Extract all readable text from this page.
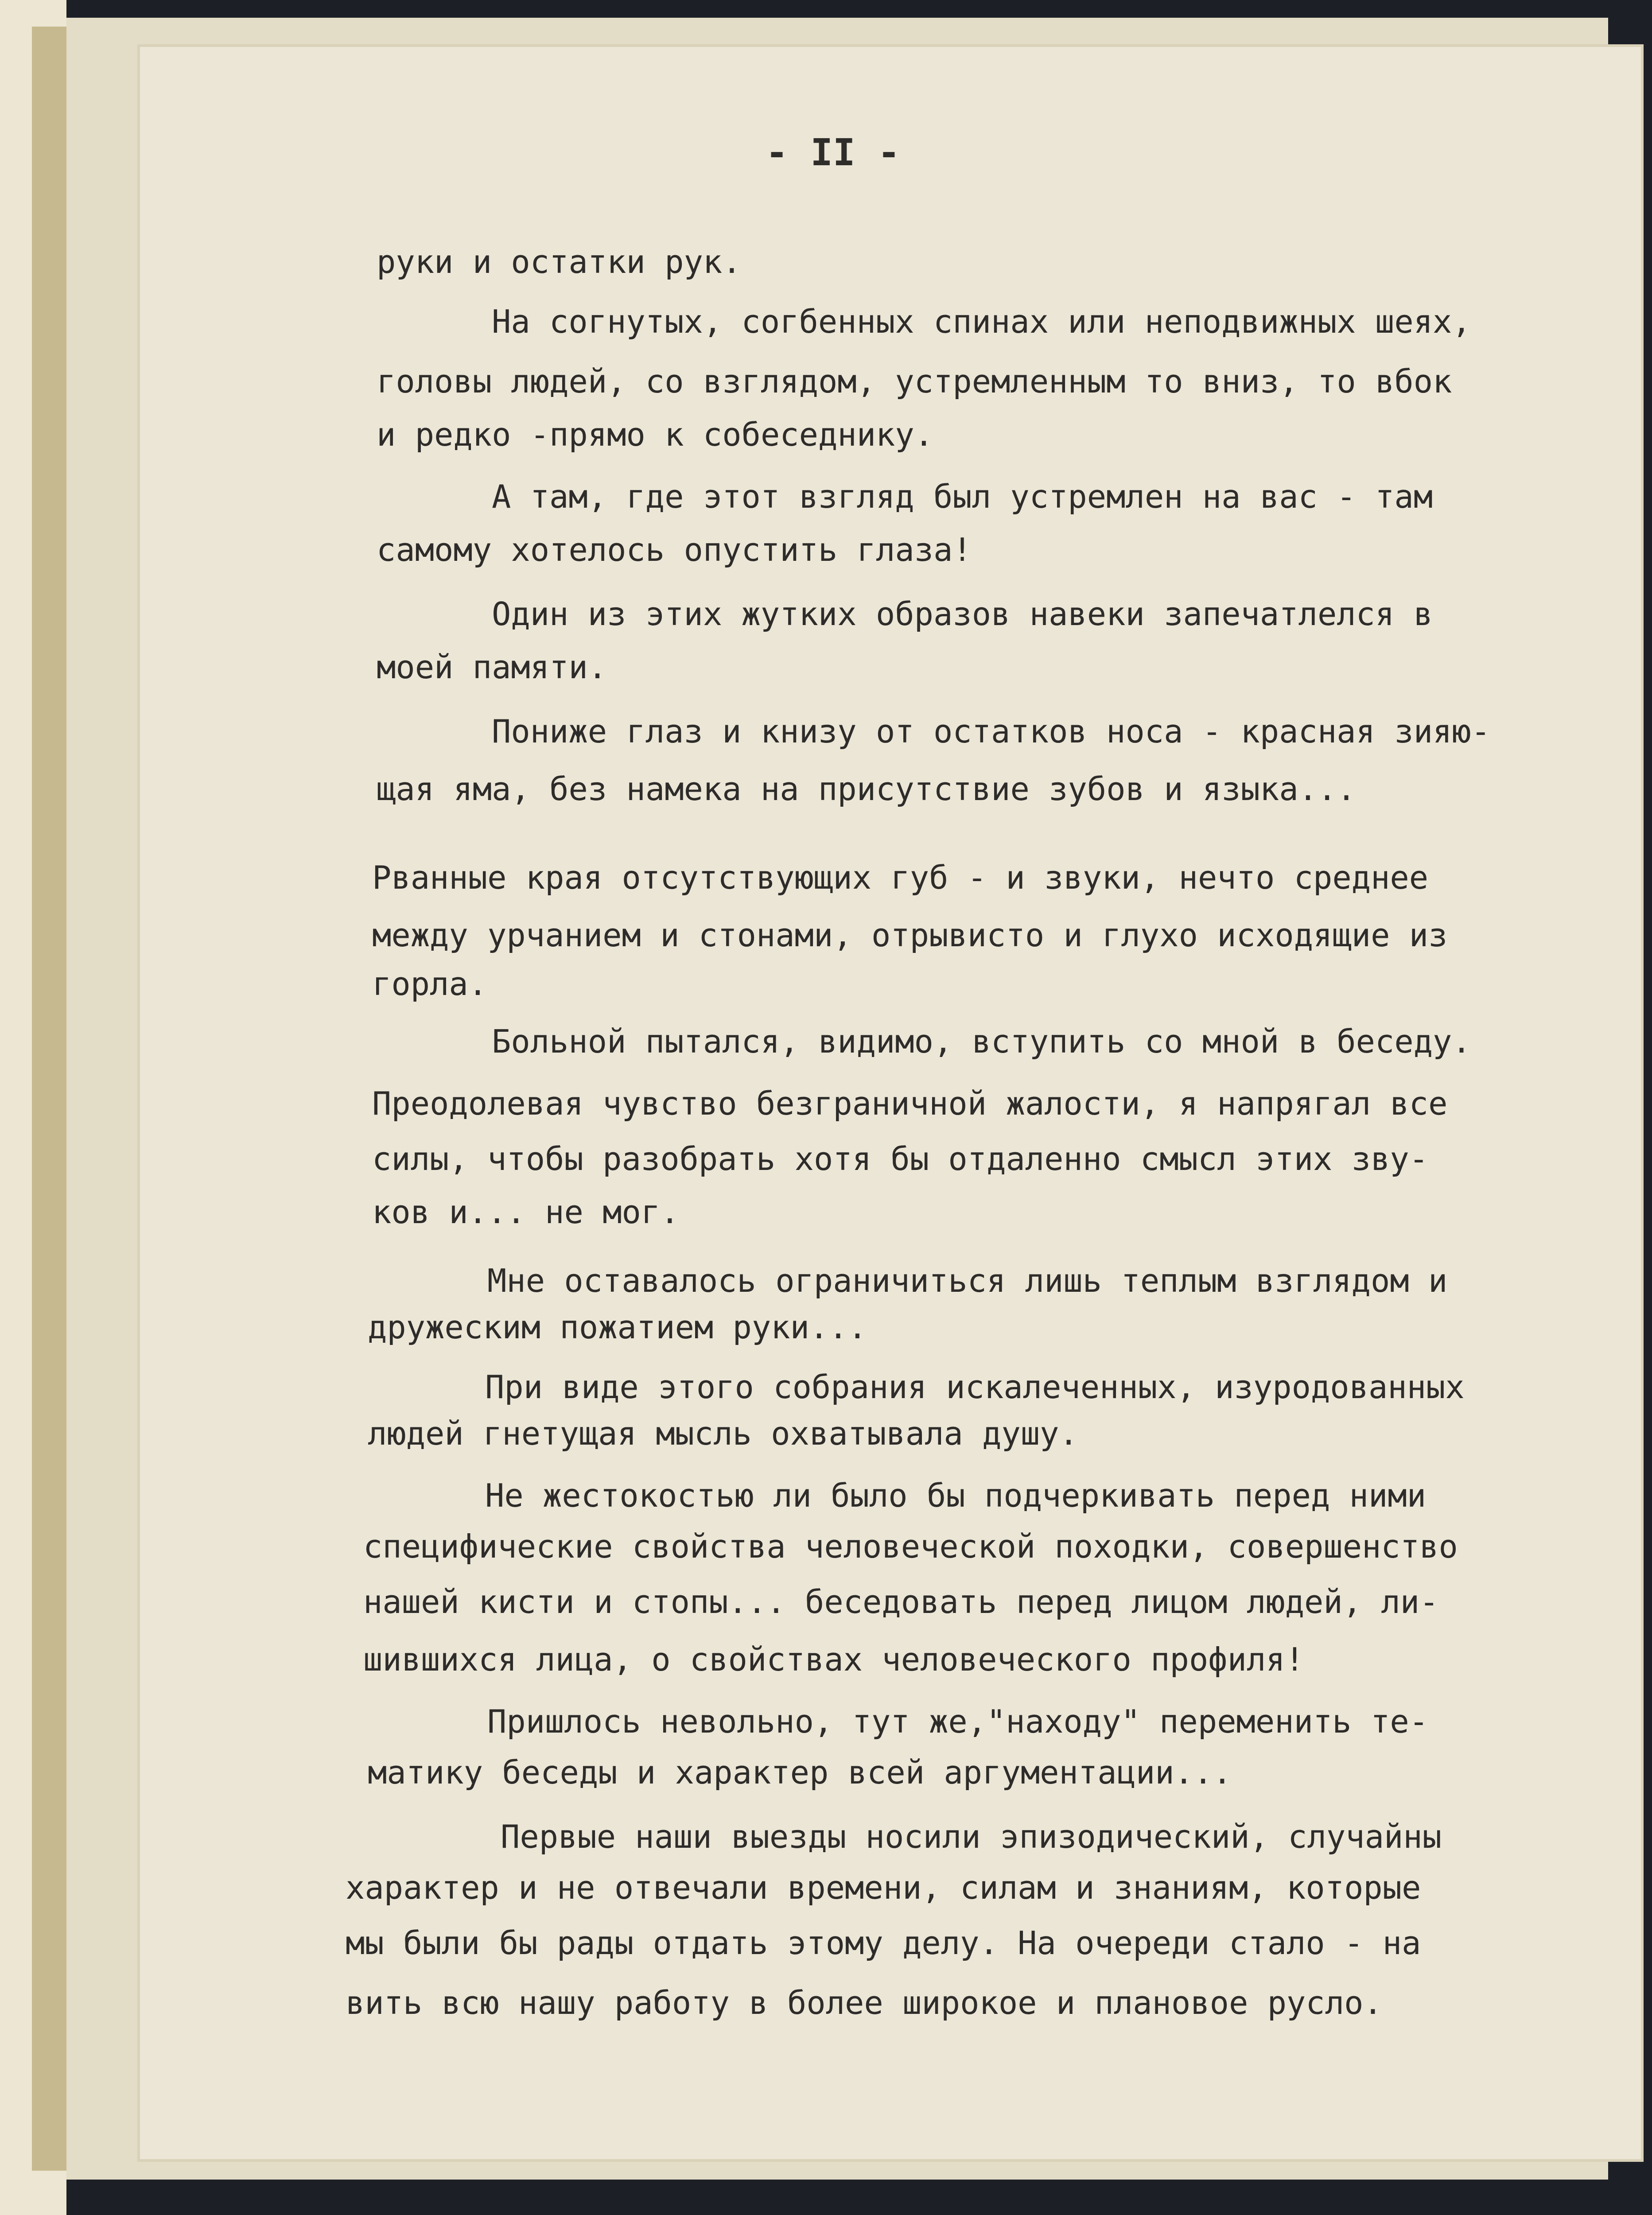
- II -
руки и остатки рук.
На согнутых, согбенных спинах или неподвижных шеях,
головы людей, со взглядом, устремленным то вниз, то вбок
и редко -прямо к собеседнику.
А там, где этот взгляд был устремлен на вас - там
самому хотелось опустить глаза!
Один из этих жутких образов навеки запечатлелся в
моей памяти.
Пониже глаз и книзу от остатков носа - красная зияю-
щая яма, без намека на присутствие зубов и языка...
Рванные края отсутствующих губ - и звуки, нечто среднее
между урчанием и стонами, отрывисто и глухо исходящие из
горла.
Больной пытался, видимо, вступить со мной в беседу.
Преодолевая чувство безграничной жалости, я напрягал все
силы, чтобы разобрать хотя бы отдаленно смысл этих зву-
ков и... не мог.
Мне оставалось ограничиться лишь теплым взглядом и
дружеским пожатием руки...
При виде этого собрания искалеченных, изуродованных
людей гнетущая мысль охватывала душу.
Не жестокостью ли было бы подчеркивать перед ними
специфические свойства человеческой походки, совершенство
нашей кисти и стопы... беседовать перед лицом людей, ли-
шившихся лица, о свойствах человеческого профиля!
Пришлось невольно, тут же,"находу" переменить те-
матику беседы и характер всей аргументации...
Первые наши выезды носили эпизодический, случайны
характер и не отвечали времени, силам и знаниям, которые
мы были бы рады отдать этому делу. На очереди стало - на
вить всю нашу работу в более широкое и плановое русло.
